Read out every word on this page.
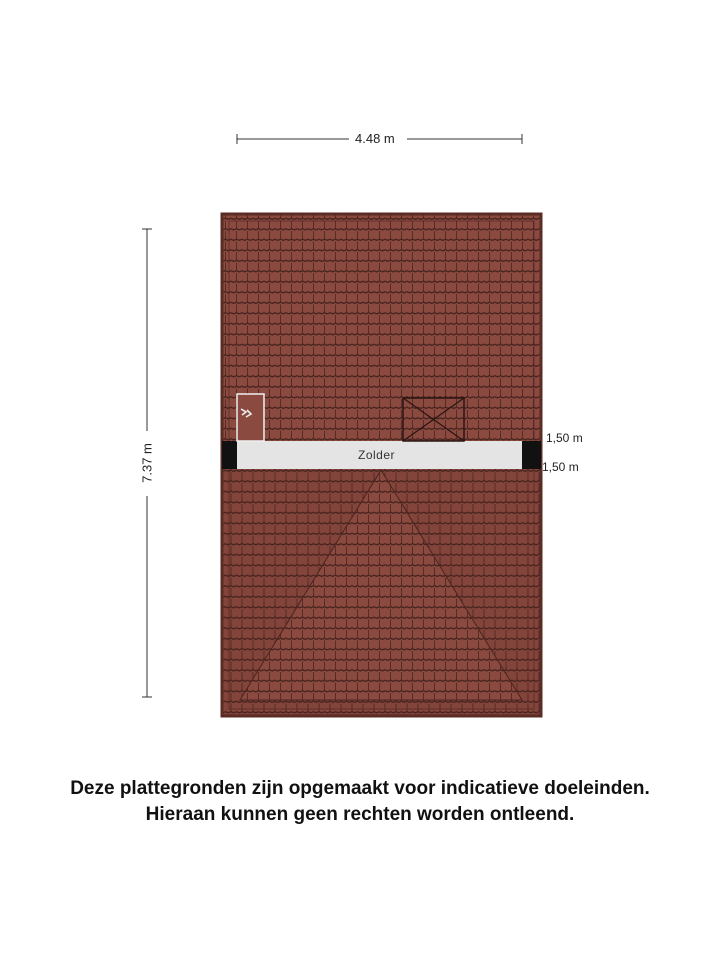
4.48 m
7.37 m	Zolder
1,50 m
1,50 m
Deze plattegronden zijn opgemaakt voor indicatieve doeleinden.
Hieraan kunnen geen rechten worden ontleend.
